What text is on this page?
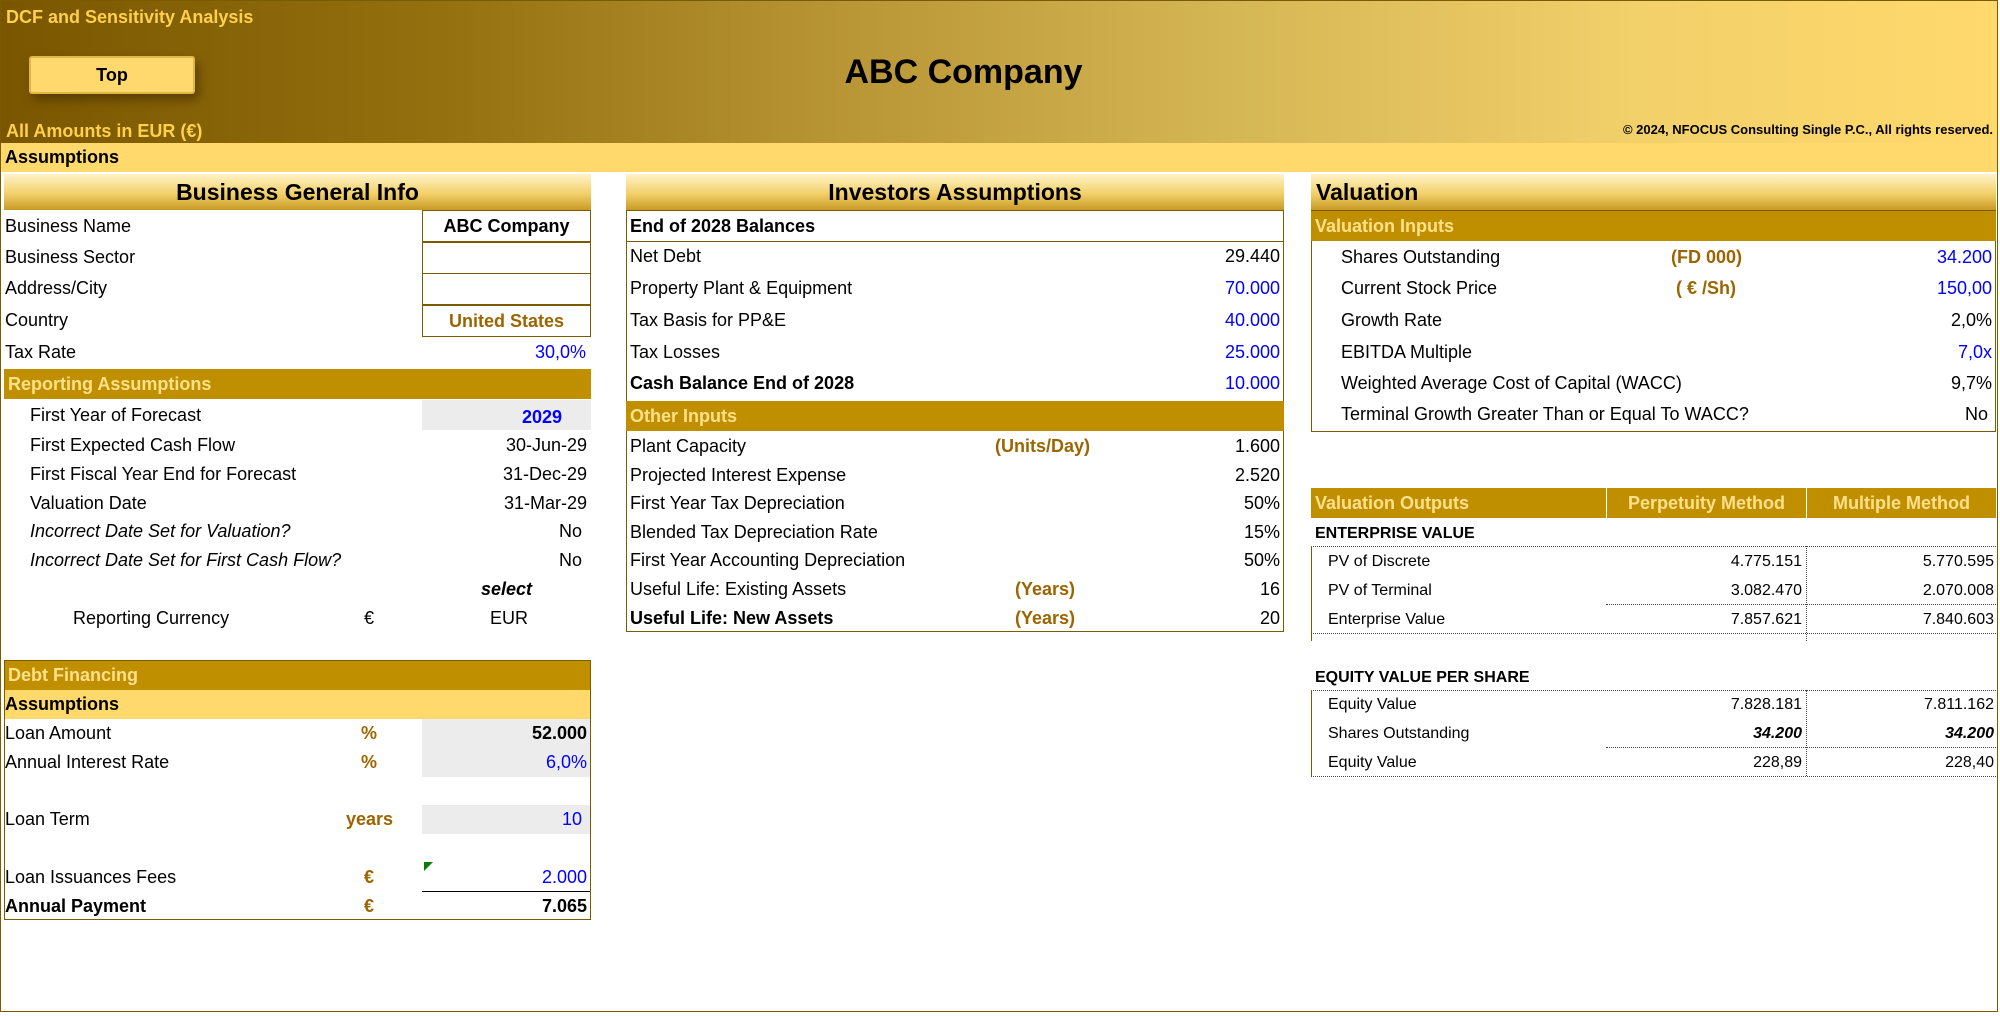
DCF and Sensitivity Analysis
Top	ABC Company
All Amounts in EUR (€)	© 2024, NFOCUS Consulting Single P.C., All rights reserved.
Assumptions
Business General Info
Business Name	ABC Company
Business Sector
Address/City
Country	United States
Tax Rate	30,0%
Reporting Assumptions
First Year of Forecast	2029
First Expected Cash Flow	30-Jun-29
First Fiscal Year End for Forecast	31-Dec-29
Valuation Date	31-Mar-29
Incorrect Date Set for Valuation?	No
Incorrect Date Set for First Cash Flow?	No
select
Reporting Currency	€	EUR
Debt Financing
Assumptions
Loan Amount	%	52.000
Annual Interest Rate	%	6,0%
Loan Term	years	10
Loan Issuances Fees	€	2.000
Annual Payment	€	7.065
Investors Assumptions
End of 2028 Balances
Net Debt	29.440
Property Plant & Equipment	70.000
Tax Basis for PP&E	40.000
Tax Losses	25.000
Cash Balance End of 2028	10.000
Other Inputs
Plant Capacity	(Units/Day)	1.600
Projected Interest Expense	2.520
First Year Tax Depreciation	50%
Blended Tax Depreciation Rate	15%
First Year Accounting Depreciation	50%
Useful Life: Existing Assets	(Years)	16
Useful Life: New Assets	(Years)	20
Valuation
Valuation Inputs
Shares Outstanding	(FD 000)	34.200
Current Stock Price	( € /Sh)	150,00
Growth Rate	2,0%
EBITDA Multiple	7,0x
Weighted Average Cost of Capital (WACC)	9,7%
Terminal Growth Greater Than or Equal To WACC?	No
Valuation Outputs	Perpetuity Method	Multiple Method
ENTERPRISE VALUE
PV of Discrete	4.775.151	5.770.595
PV of Terminal	3.082.470	2.070.008
Enterprise Value	7.857.621	7.840.603
EQUITY VALUE PER SHARE
Equity Value	7.828.181	7.811.162
Shares Outstanding	34.200	34.200
Equity Value	228,89	228,40
